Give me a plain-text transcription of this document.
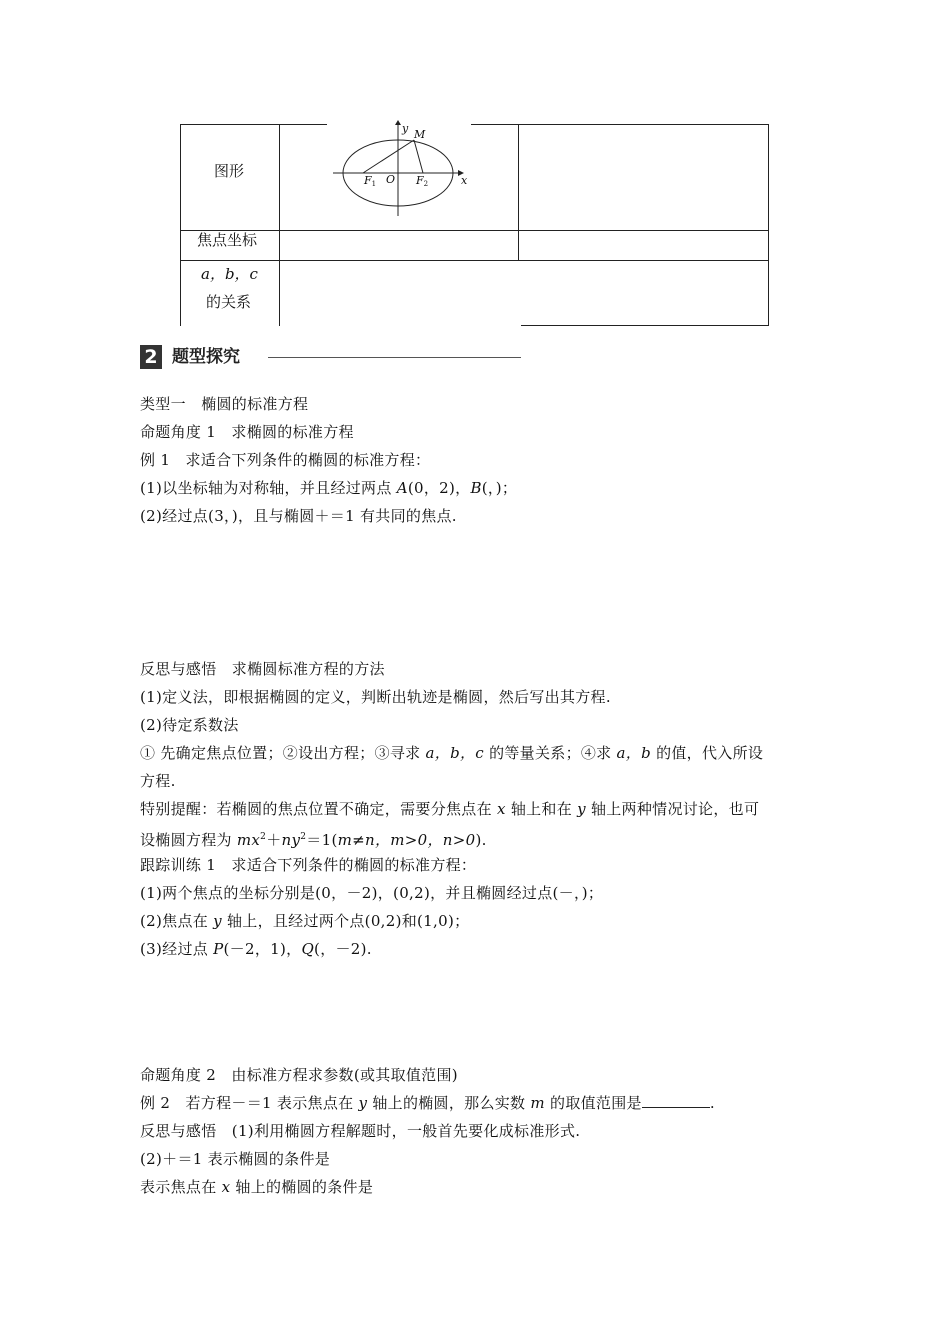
图形
焦点坐标
a，b，c
的关系
y
x
M
F1 O F2
2 题型探究
类型一　椭圆的标准方程
命题角度 1　求椭圆的标准方程
例 1　求适合下列条件的椭圆的标准方程：
(1)以坐标轴为对称轴，并且经过两点 A(0，2)，B(，)；
(2)经过点(3，)，且与椭圆＋＝1 有共同的焦点.
反思与感悟　求椭圆标准方程的方法
(1)定义法，即根据椭圆的定义，判断出轨迹是椭圆，然后写出其方程.
(2)待定系数法
① 先确定焦点位置；②设出方程；③寻求 a，b，c 的等量关系；④求 a，b 的值，代入所设
方程.
特别提醒：若椭圆的焦点位置不确定，需要分焦点在 x 轴上和在 y 轴上两种情况讨论，也可
设椭圆方程为 $mx^2+ny^2=1(m\ne n$，m>0，n>0).
跟踪训练 1　求适合下列条件的椭圆的标准方程：
(1)两个焦点的坐标分别是(0，－2)，(0,2)，并且椭圆经过点(－，)；
(2)焦点在 y 轴上，且经过两个点(0,2)和(1,0)；
(3)经过点 P(－2，1)，Q(，－2).
命题角度 2　由标准方程求参数(或其取值范围)
例 2　若方程－＝1 表示焦点在 y 轴上的椭圆，那么实数 m 的取值范围是	.
反思与感悟　(1)利用椭圆方程解题时，一般首先要化成标准形式.
(2)＋＝1 表示椭圆的条件是
表示焦点在 x 轴上的椭圆的条件是
